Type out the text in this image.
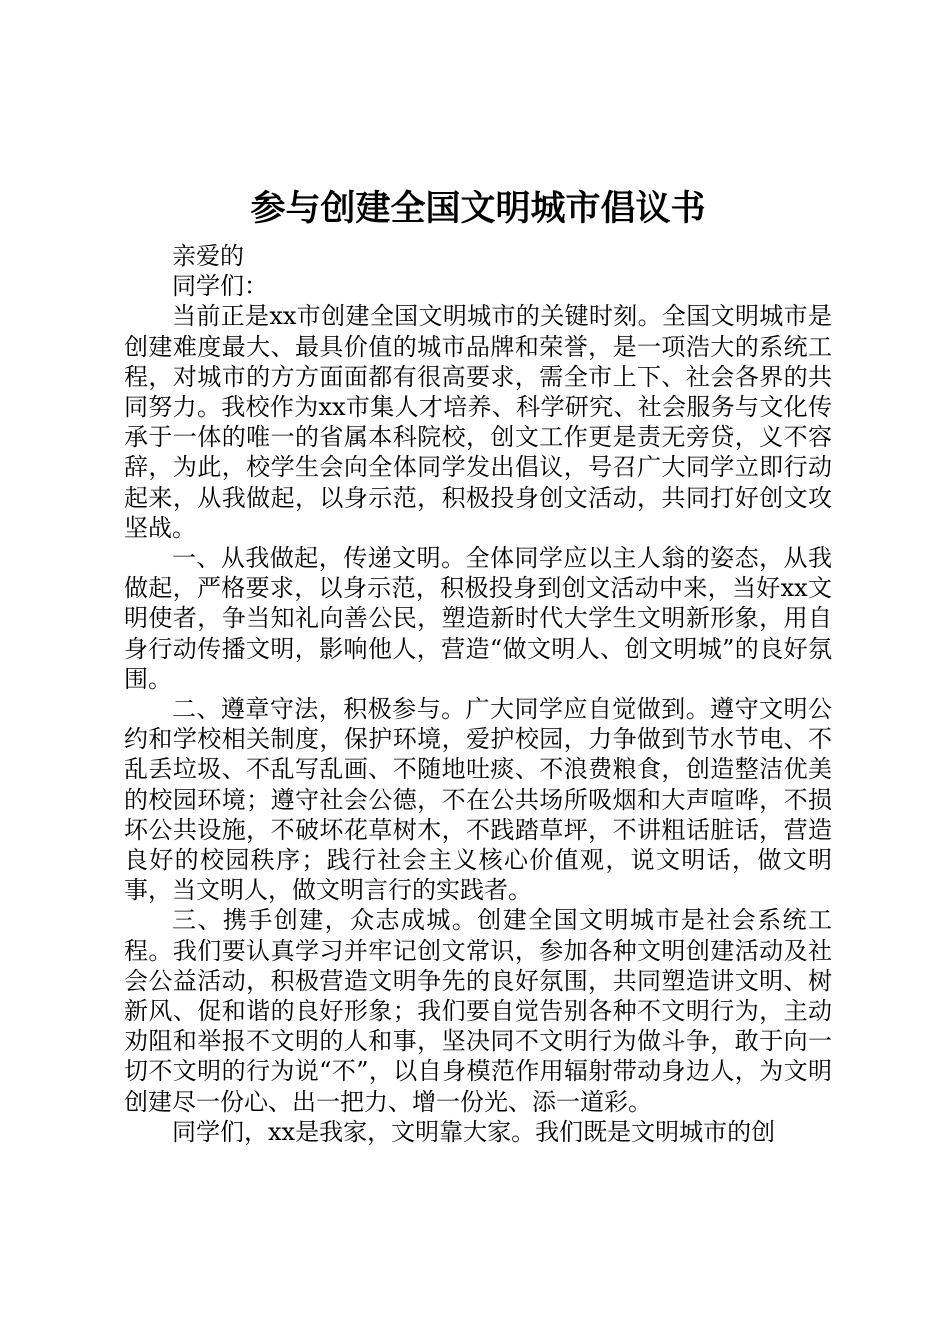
参与创建全国文明城市倡议书

亲爱的

同学们：

当前正是xx市创建全国文明城市的关键时刻。全国文明城市是创建难度最大、最具价值的城市品牌和荣誉，是一项浩大的系统工程，对城市的方方面面都有很高要求，需全市上下、社会各界的共同努力。我校作为xx市集人才培养、科学研究、社会服务与文化传承于一体的唯一的省属本科院校，创文工作更是责无旁贷，义不容辞，为此，校学生会向全体同学发出倡议，号召广大同学立即行动起来，从我做起，以身示范，积极投身创文活动，共同打好创文攻坚战。

一、从我做起，传递文明。全体同学应以主人翁的姿态，从我做起，严格要求，以身示范，积极投身到创文活动中来，当好xx文明使者，争当知礼向善公民，塑造新时代大学生文明新形象，用自身行动传播文明，影响他人，营造“做文明人、创文明城”的良好氛围。

二、遵章守法，积极参与。广大同学应自觉做到。遵守文明公约和学校相关制度，保护环境，爱护校园，力争做到节水节电、不乱丢垃圾、不乱写乱画、不随地吐痰、不浪费粮食，创造整洁优美的校园环境；遵守社会公德，不在公共场所吸烟和大声喧哗，不损坏公共设施，不破坏花草树木，不践踏草坪，不讲粗话脏话，营造良好的校园秩序；践行社会主义核心价值观，说文明话，做文明事，当文明人，做文明言行的实践者。

三、携手创建，众志成城。创建全国文明城市是社会系统工程。我们要认真学习并牢记创文常识，参加各种文明创建活动及社会公益活动，积极营造文明争先的良好氛围，共同塑造讲文明、树新风、促和谐的良好形象；我们要自觉告别各种不文明行为，主动劝阻和举报不文明的人和事，坚决同不文明行为做斗争，敢于向一切不文明的行为说“不”，以自身模范作用辐射带动身边人，为文明创建尽一份心、出一把力、增一份光、添一道彩。

同学们，xx是我家，文明靠大家。我们既是文明城市的创
